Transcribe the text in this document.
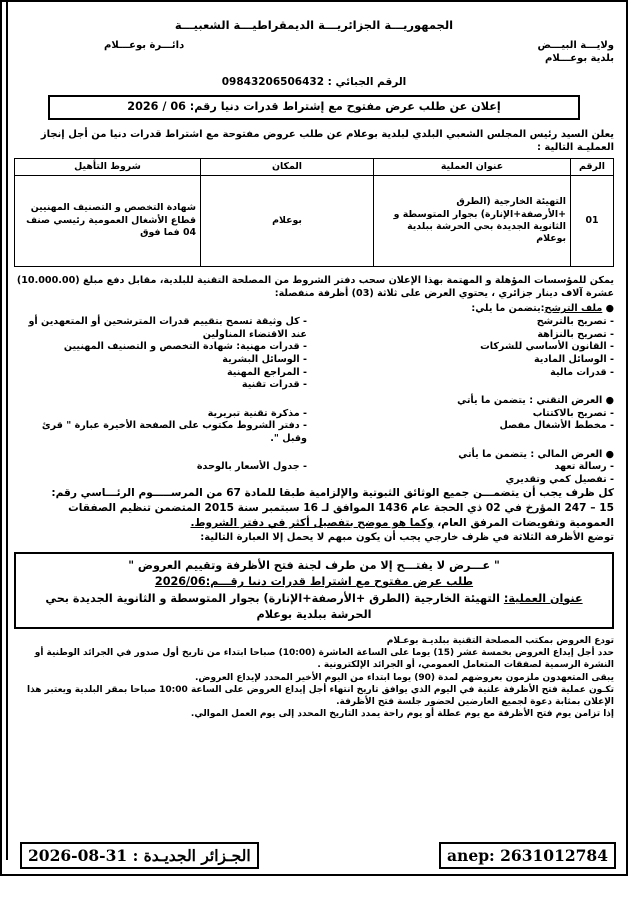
الجمهوريـــة الجزائريـــة الديمقراطيـــة الشعبيـــة
ولايـــة البيـــض
بلدية بوعـــلام
دائـــرة بوعـــلام
الرقم الجبائي : 09843206506432
إعلان عن طلب عرض مفتوح مع إشتراط قدرات دنيا رقم: 06 / 2026
يعلن السيد رئيس المجلس الشعبي البلدي لبلدية بوعلام عن طلب عروض مفتوحة مع اشتراط قدرات دنيا من أجل إنجاز العمليـة التالية :
الرقم	عنوان العملية	المكان	شروط التأهيل
01	التهيئة الخارجية (الطرق +الأرصفة+الإنارة) بجوار المتوسطة و الثانوية الجديدة بحي الحرشة ببلدية بوعلام	بوعلام	شهادة التخصص و التصنيف المهنيين قطاع الأشغال العمومية رئيسي صنف 04 فما فوق
يمكن للمؤسسات المؤهلة و المهتمة بهذا الإعلان سحب دفتر الشروط من المصلحة التقنية للبلدية، مقابل دفع مبلغ (10.000.00) عشرة آلاف دينار جزائري ، يحتوي العرض على ثلاثة (03) أظرفة منفصلة:
● ملف الترشح:يتضمن ما يلي:
- تصريح بالترشح
- تصريح بالنزاهة
- القانون الأساسي للشركات
- الوسائل المادية
- قدرات مالية
- كل وثيقة تسمح بتقييم قدرات المترشحين أو المتعهدين أو عند الاقتضاء المناولين
- قدرات مهنية: شهادة التخصص و التصنيف المهنيين
- الوسائل البشرية
- المراجع المهنية
- قدرات تقنية
● العرض التقني : يتضمن ما يأتي
- تصريح بالاكتتاب
- مخطط الأشغال مفصل
- مذكرة تقنية تبريرية
- دفتر الشروط مكتوب على الصفحة الأخيرة عبارة " قرئ وقبل ".
● العرض المالي : يتضمن ما يأتي
- رسالة تعهد
- تفصيل كمي وتقديري
- جدول الأسعار بالوحدة
كل ظرف يجب أن يتضمـــن جميع الوثائق الثبوتية والإلزامية طبقا للمادة 67 من المرســـــوم الرئـــاسي رقم:
15 – 247 المؤرخ في 02 ذي الحجة عام 1436 الموافق لـ 16 سبتمبر سنة 2015 المتضمن تنظيم الصفقات
العمومية وتفويضات المرفق العام، وكما هو موضح بتفصيل أكثر في دفتر الشروط.
توضع الأظرفة الثلاثة في ظرف خارجي يجب أن يكون مبهم لا يحمل إلا العبارة التالية:
" عـــرض لا يفتـــح إلا من طرف لجنة فتح الأظرفة وتقييم العروض "
طلب عرض مفتوح مع اشتراط قدرات دنيا رقـــم:2026/06
عنوان العملية: التهيئة الخارجية (الطرق +الأرصفة+الإنارة) بجوار المتوسطة و الثانوية الجديدة بحي الحرشة ببلدية بوعلام

تودع العروض بمكتب المصلحة التقنية ببلديـة بوعـلام

حدد أجل إيداع العروض بخمسة عشر (15) يوما على الساعة العاشرة (10:00) صباحا ابتداء من تاريخ أول صدور في الجرائد الوطنية أو النشرة الرسمية لصفقات المتعامل العمومي، أو الجرائد الإلكترونية .

يبقى المتعهدون ملزمون بعروضهم لمدة (90) يوما ابتداء من اليوم الأخير المحدد لإيداع العروض.

تكـون عملية فتح الأظرفة علنية في اليوم الذي يوافق تاريخ انتهاء أجل إيداع العروض على الساعة 10:00 صباحا بمقر البلدية ويعتبر هذا الإعلان بمثابة دعوة لجميع العارضين لحضور جلسة فتح الأظرفة.

إذا تزامن يوم فتح الأظرفة مع يوم عطلة أو يوم راحة يمدد التاريخ المحدد إلى يوم العمل الموالي.

الجـزائر الجديـدة : 31-08-2026	anep: 2631012784
